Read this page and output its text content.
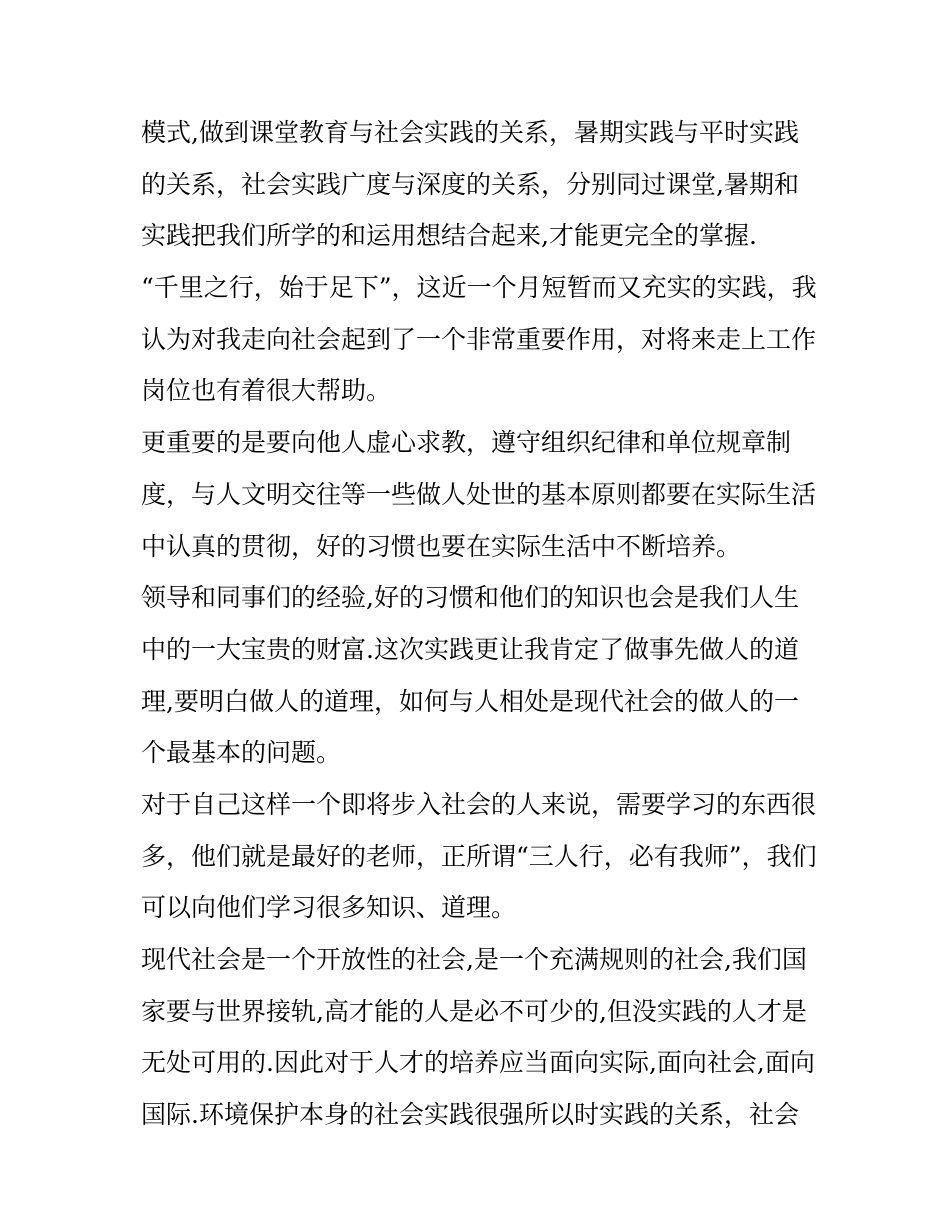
模式,做到课堂教育与社会实践的关系，暑期实践与平时实践
的关系，社会实践广度与深度的关系，分别同过课堂,暑期和
实践把我们所学的和运用想结合起来,才能更完全的掌握.
“千里之行，始于足下”，这近一个月短暂而又充实的实践，我
认为对我走向社会起到了一个非常重要作用，对将来走上工作
岗位也有着很大帮助。
更重要的是要向他人虚心求教，遵守组织纪律和单位规章制
度，与人文明交往等一些做人处世的基本原则都要在实际生活
中认真的贯彻，好的习惯也要在实际生活中不断培养。
领导和同事们的经验,好的习惯和他们的知识也会是我们人生
中的一大宝贵的财富.这次实践更让我肯定了做事先做人的道
理,要明白做人的道理，如何与人相处是现代社会的做人的一
个最基本的问题。
对于自己这样一个即将步入社会的人来说，需要学习的东西很
多，他们就是最好的老师，正所谓“三人行，必有我师”，我们
可以向他们学习很多知识、道理。
现代社会是一个开放性的社会,是一个充满规则的社会,我们国
家要与世界接轨,高才能的人是必不可少的,但没实践的人才是
无处可用的.因此对于人才的培养应当面向实际,面向社会,面向
国际.环境保护本身的社会实践很强所以时实践的关系，社会
